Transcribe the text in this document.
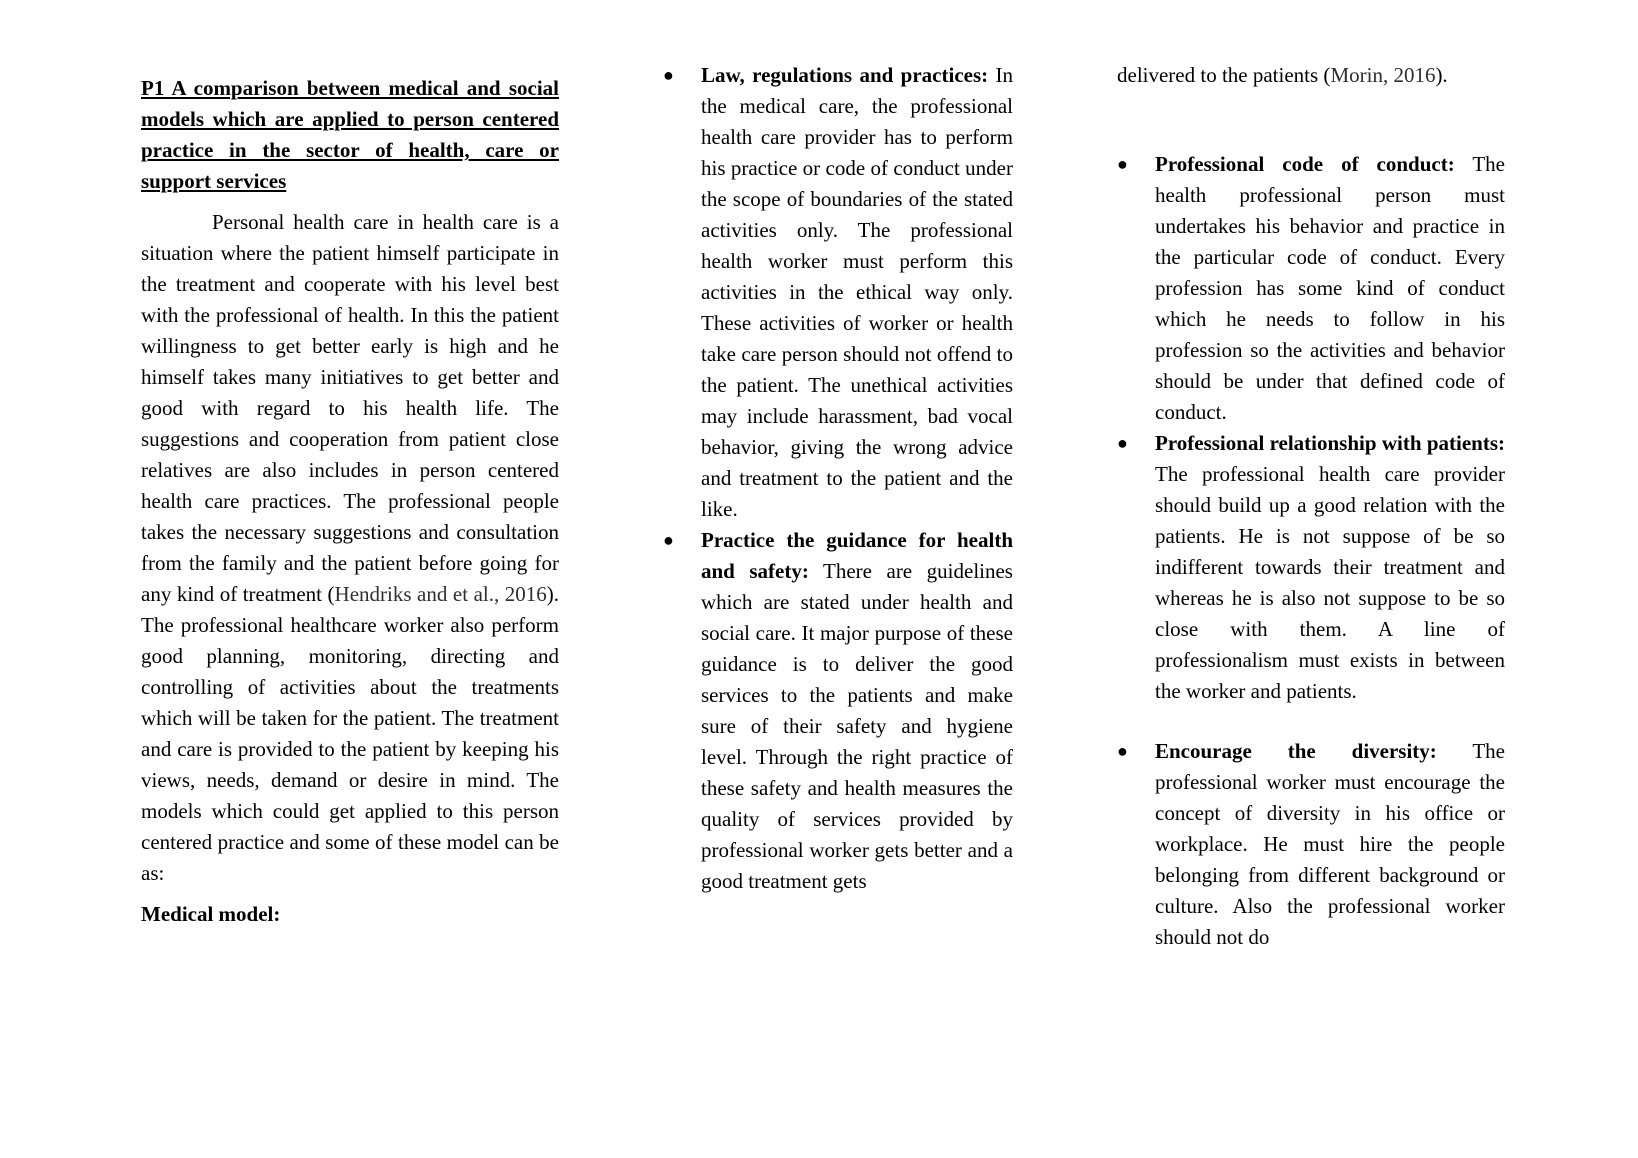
P1 A comparison between medical and social models which are applied to person centered practice in the sector of health, care or support services

Personal health care in health care is a situation where the patient himself participate in the treatment and cooperate with his level best with the professional of health. In this the patient willingness to get better early is high and he himself takes many initiatives to get better and good with regard to his health life. The suggestions and cooperation from patient close relatives are also includes in person centered health care practices. The professional people takes the necessary suggestions and consultation from the family and the patient before going for any kind of treatment (Hendriks and et al., 2016). The professional healthcare worker also perform good planning, monitoring, directing and controlling of activities about the treatments which will be taken for the patient. The treatment and care is provided to the patient by keeping his views, needs, demand or desire in mind. The models which could get applied to this person centered practice and some of these model can be as:

Medical model:

●	Law, regulations and practices: In the medical care, the professional health care provider has to perform his practice or code of conduct under the scope of boundaries of the stated activities only. The professional health worker must perform this activities in the ethical way only. These activities of worker or health take care person should not offend to the patient. The unethical activities may include harassment, bad vocal behavior, giving the wrong advice and treatment to the patient and the like.
●	Practice the guidance for health and safety: There are guidelines which are stated under health and social care. It major purpose of these guidance is to deliver the good services to the patients and make sure of their safety and hygiene level. Through the right practice of these safety and health measures the quality of services provided by professional worker gets better and a good treatment gets

delivered to the patients (Morin, 2016).

●	Professional code of conduct: The health professional person must undertakes his behavior and practice in the particular code of conduct. Every profession has some kind of conduct which he needs to follow in his profession so the activities and behavior should be under that defined code of conduct.
●	Professional relationship with patients: The professional health care provider should build up a good relation with the patients. He is not suppose of be so indifferent towards their treatment and whereas he is also not suppose to be so close with them. A line of professionalism must exists in between the worker and patients.
●	Encourage the diversity: The professional worker must encourage the concept of diversity in his office or workplace. He must hire the people belonging from different background or culture. Also the professional worker should not do
